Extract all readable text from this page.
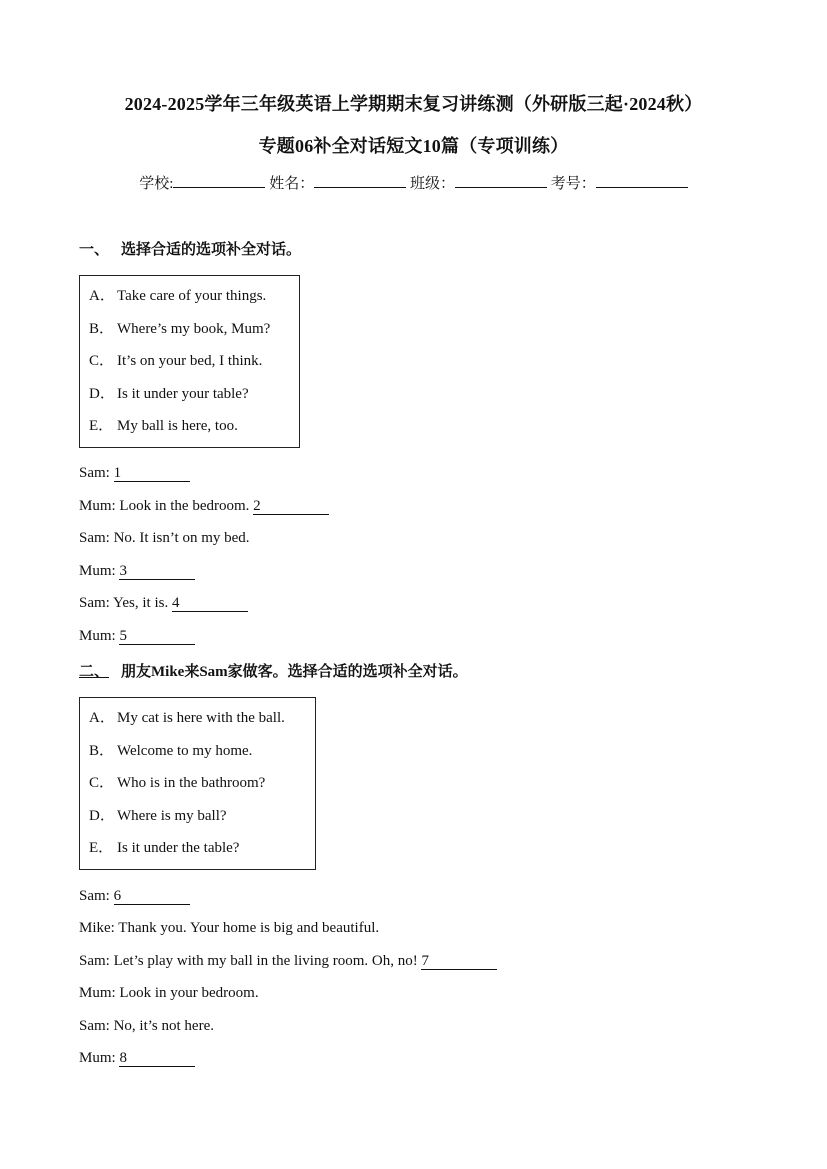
2024-2025学年三年级英语上学期期末复习讲练测（外研版三起·2024秋）
专题06补全对话短文10篇（专项训练）
学校:	姓名：	班级：	考号：
一、 选择合适的选项补全对话。
A． Take care of your things.
B． Where’s my book, Mum?
C． It’s on your bed, I think.
D． Is it under your table?
E． My ball is here, too.
Sam: 1
Mum: Look in the bedroom. 2
Sam: No. It isn’t on my bed.
Mum: 3
Sam: Yes, it is. 4
Mum: 5
二、 朋友Mike来Sam家做客。选择合适的选项补全对话。
A． My cat is here with the ball.
B． Welcome to my home.
C． Who is in the bathroom?
D． Where is my ball?
E． Is it under the table?
Sam: 6
Mike: Thank you. Your home is big and beautiful.
Sam: Let’s play with my ball in the living room. Oh, no! 7
Mum: Look in your bedroom.
Sam: No, it’s not here.
Mum: 8
